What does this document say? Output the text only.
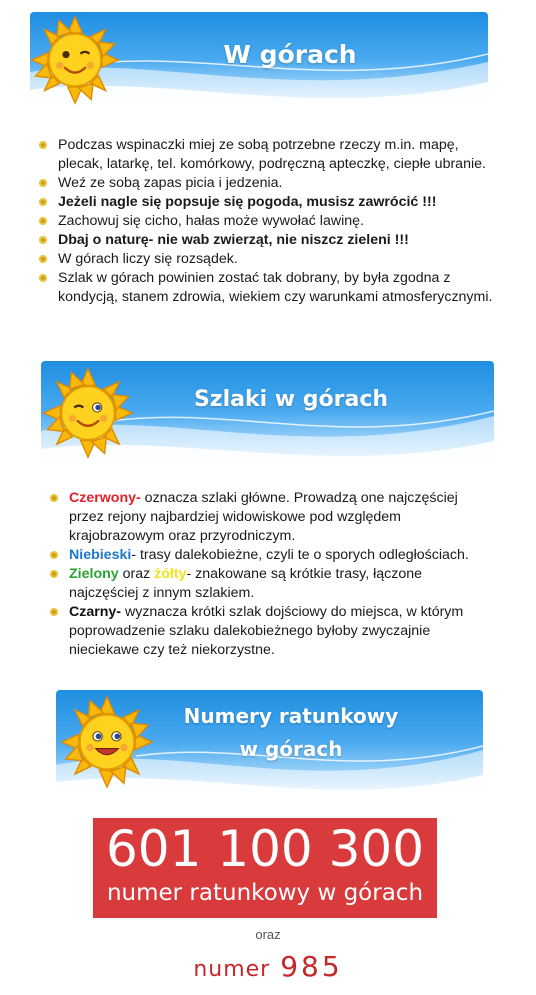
W górach
Podczas wspinaczki miej ze sobą potrzebne rzeczy m.in. mapę, plecak, latarkę, tel. komórkowy, podręczną apteczkę, ciepłe ubranie.
Weź ze sobą zapas picia i jedzenia.
Jeżeli nagle się popsuje się pogoda, musisz zawrócić !!!
Zachowuj się cicho, hałas może wywołać lawinę.
Dbaj o naturę- nie wab zwierząt, nie niszcz zieleni !!!
W górach liczy się rozsądek.
Szlak w górach powinien zostać tak dobrany, by była zgodna z kondycją, stanem zdrowia, wiekiem czy warunkami atmosferycznymi.
Szlaki w górach
Czerwony- oznacza szlaki główne. Prowadzą one najczęściej przez rejony najbardziej widowiskowe pod względem krajobrazowym oraz przyrodniczym.
Niebieski- trasy dalekobieżne, czyli te o sporych odległościach.
Zielony oraz żółty- znakowane są krótkie trasy, łączone najczęściej z innym szlakiem.
Czarny- wyznacza krótki szlak dojściowy do miejsca, w którym poprowadzenie szlaku dalekobieżnego byłoby zwyczajnie nieciekawe czy też niekorzystne.
Numery ratunkowy
w górach
601 100 300
numer ratunkowy w górach
oraz
numer 985
